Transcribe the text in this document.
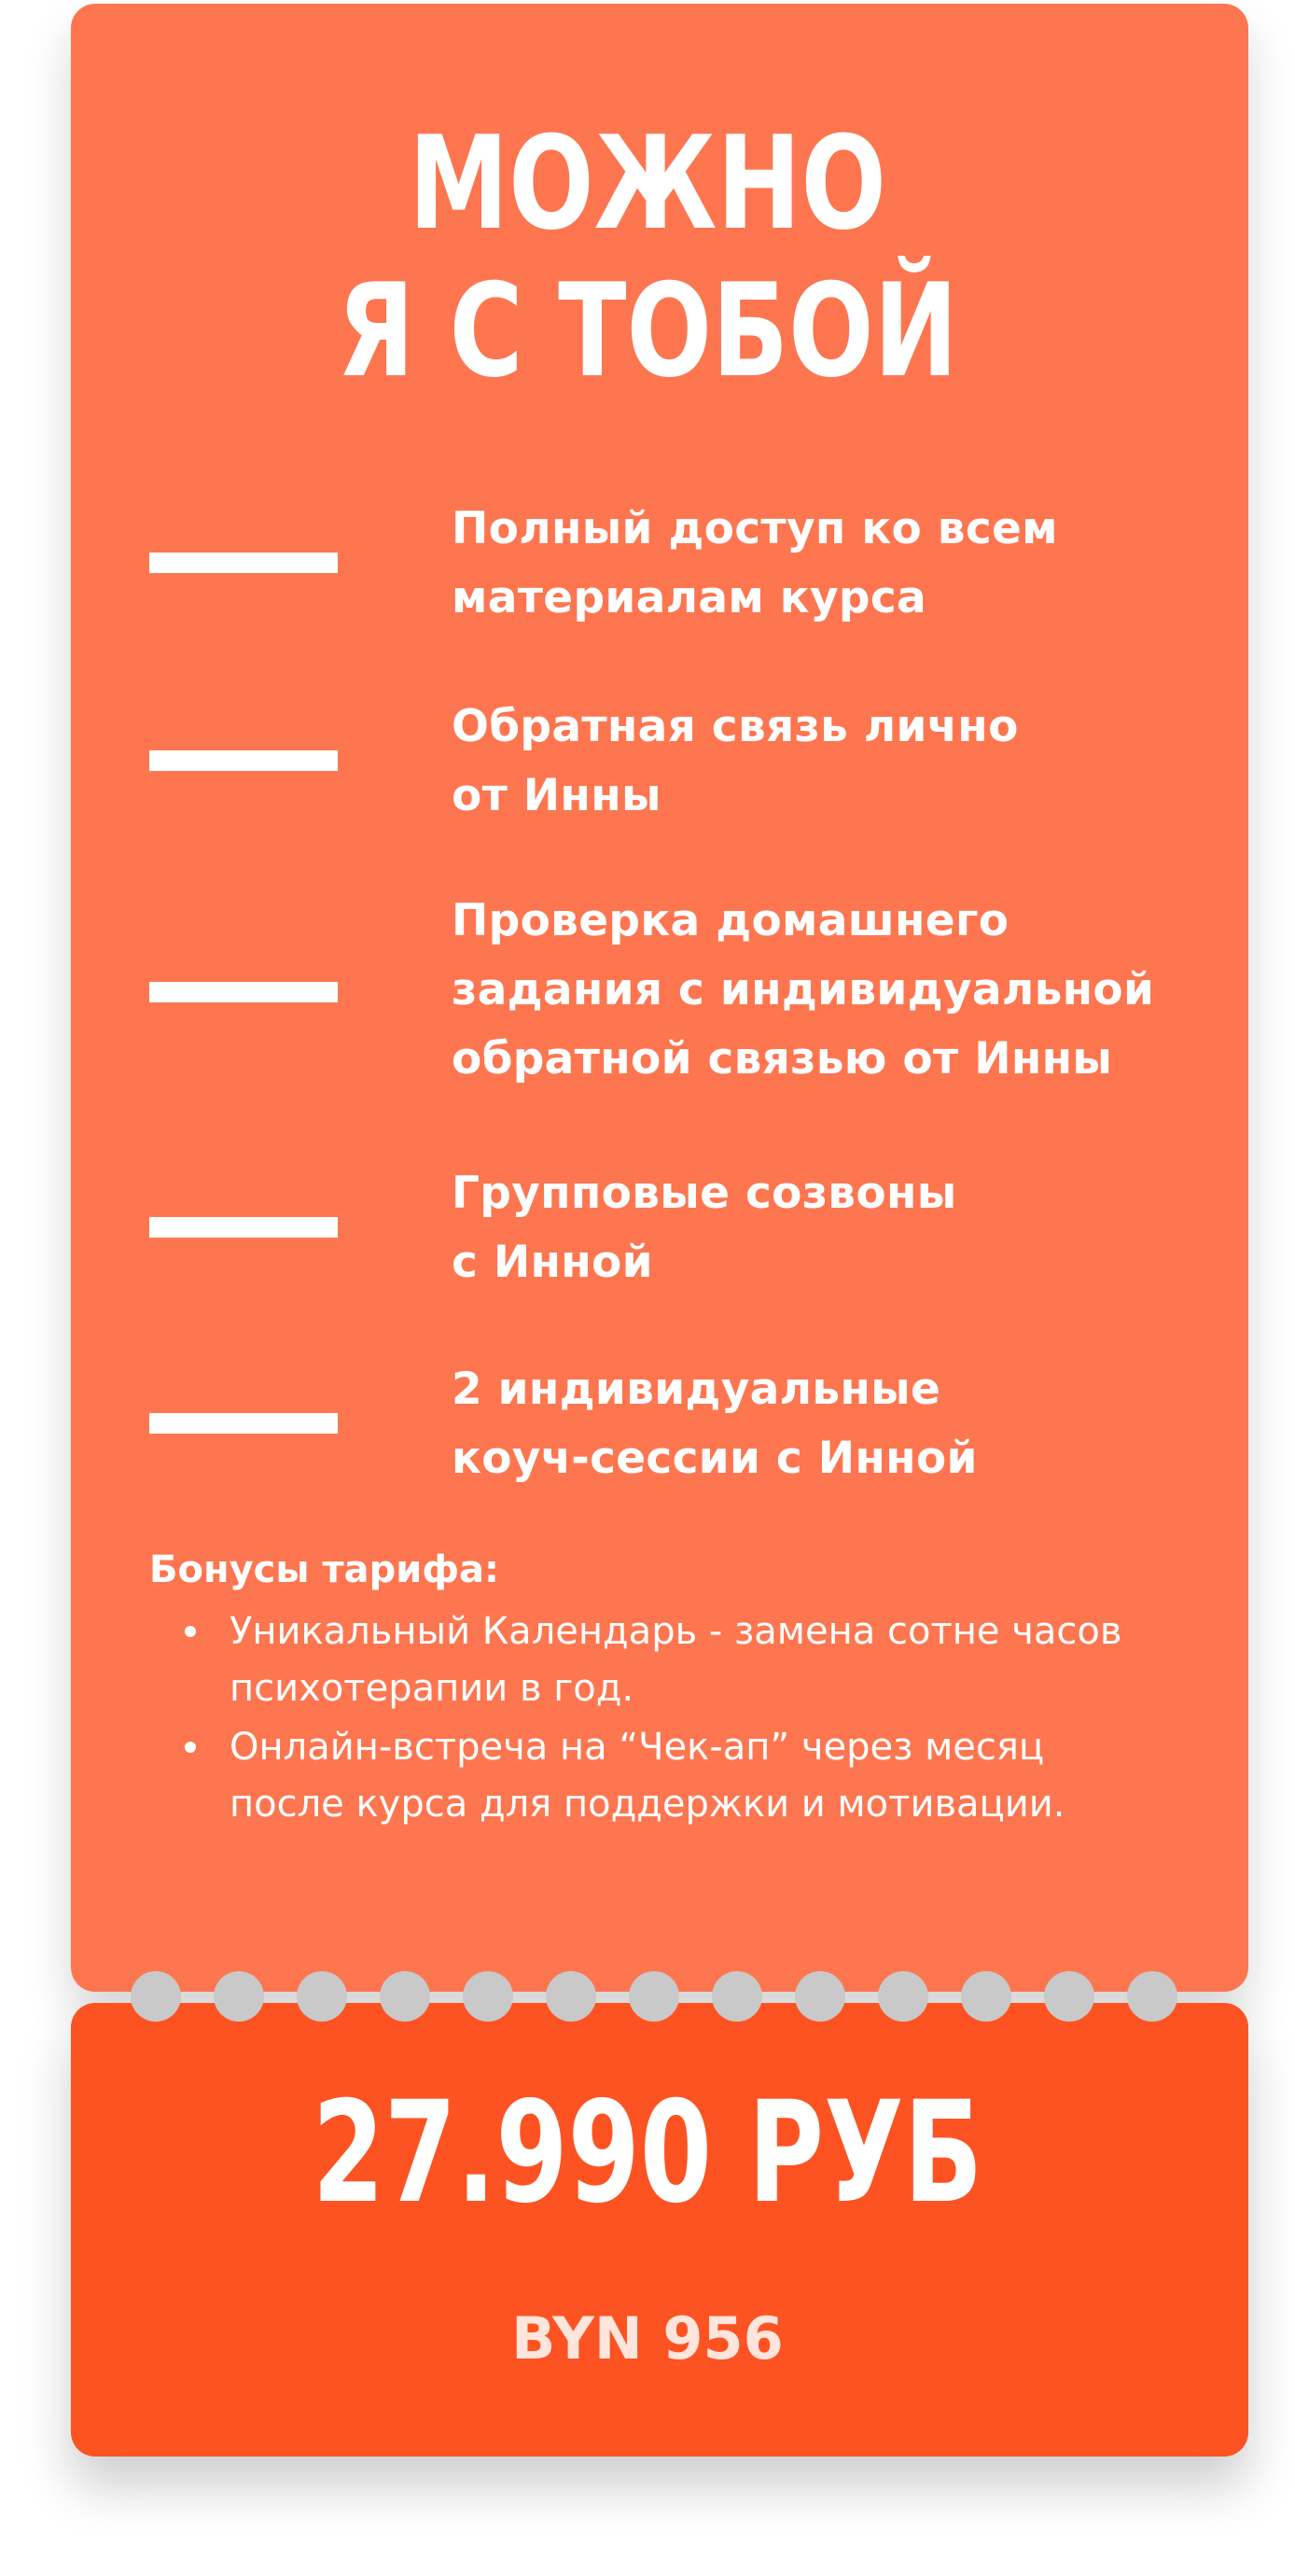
МОЖНО
Я С ТОБОЙ
Полный доступ ко всем
материалам курса
Обратная связь лично
от Инны
Проверка домашнего
задания с индивидуальной
обратной связью от Инны
Групповые созвоны
с Инной
2 индивидуальные
коуч-сессии с Инной
Бонусы тарифа:
Уникальный Календарь - замена сотне часов психотерапии в год.
Онлайн-встреча на “Чек-ап” через месяц после курса для поддержки и мотивации.
27.990 РУБ
BYN 956
